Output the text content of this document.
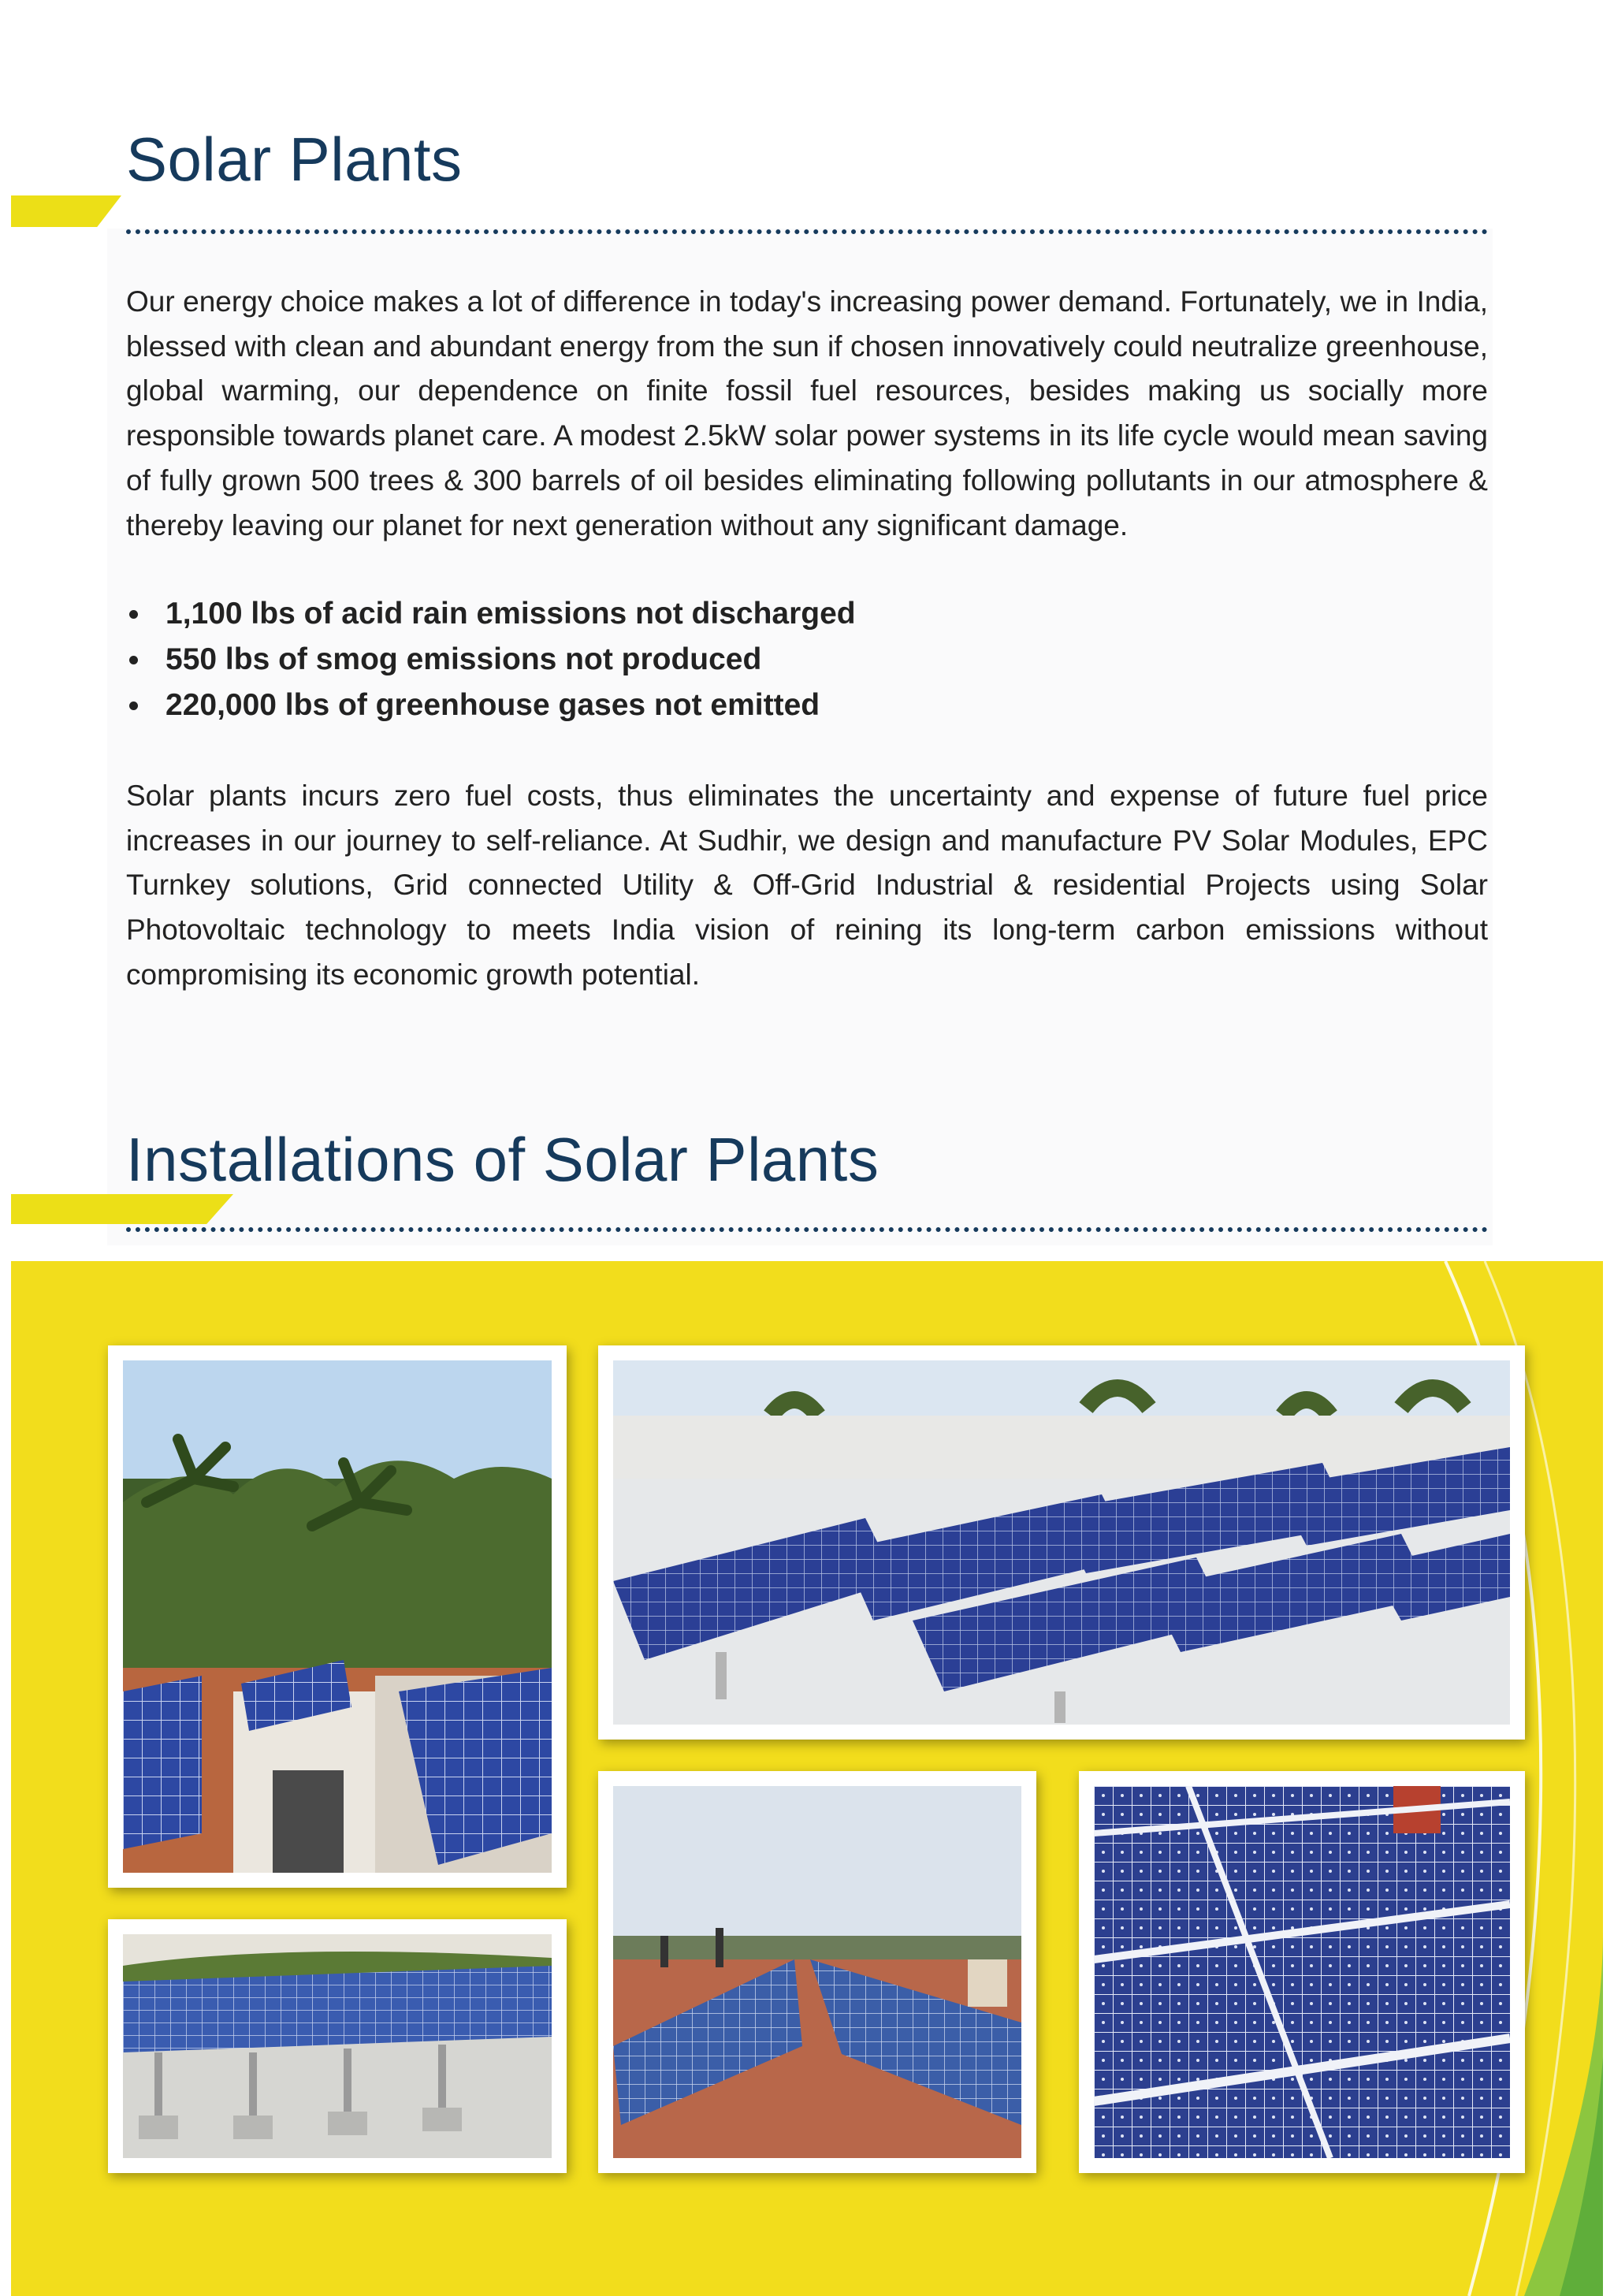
Solar Plants

Our energy choice makes a lot of difference in today's increasing power demand. Fortunately, we in India, blessed with clean and abundant energy from the sun if chosen innovatively could neutralize greenhouse, global warming, our dependence on finite fossil fuel resources, besides making us socially more responsible towards planet care. A modest 2.5kW solar power systems in its life cycle would mean saving of fully grown 500 trees & 300 barrels of oil besides eliminating following pollutants in our atmosphere & thereby leaving our planet for next generation without any significant damage.

1,100 lbs of acid rain emissions not discharged
550 lbs of smog emissions not produced
220,000 lbs of greenhouse gases not emitted

Solar plants incurs zero fuel costs, thus eliminates the uncertainty and expense of future fuel price increases in our journey to self-reliance. At Sudhir, we design and manufacture PV Solar Modules, EPC Turnkey solutions, Grid connected Utility & Off-Grid Industrial & residential Projects using Solar Photovoltaic technology to meets India vision of reining its long-term carbon emissions without compromising its economic growth potential.

Installations of Solar Plants
